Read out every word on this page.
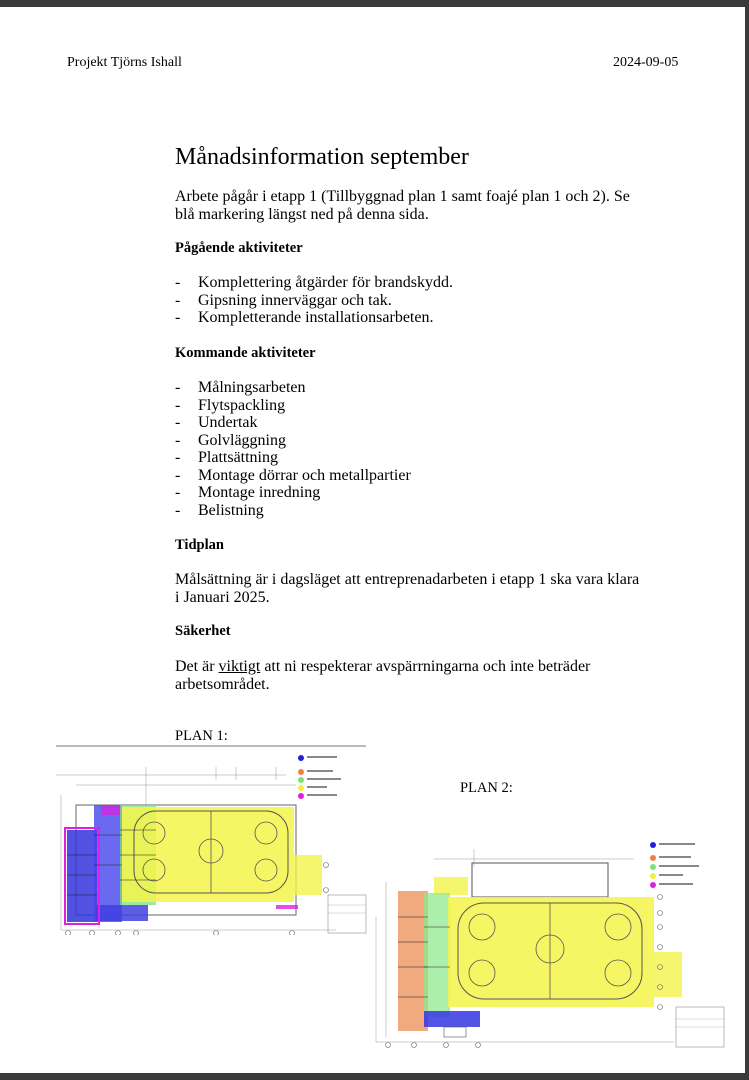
Projekt Tjörns Ishall	2024-09-05
Månadsinformation september

Arbete pågår i etapp 1 (Tillbyggnad plan 1 samt foajé plan 1 och 2). Se blå markering längst ned på denna sida.

Pågående aktiviteter

- Komplettering åtgärder för brandskydd.
- Gipsning innerväggar och tak.
- Kompletterande installationsarbeten.

Kommande aktiviteter

- Målningsarbeten
- Flytspackling
- Undertak
- Golvläggning
- Plattsättning
- Montage dörrar och metallpartier
- Montage inredning
- Belistning

Tidplan

Målsättning är i dagsläget att entreprenadarbeten i etapp 1 ska vara klara i Januari 2025.

Säkerhet

Det är viktigt att ni respekterar avspärrningarna och inte beträder arbetsområdet.

PLAN 1:
PLAN 2:
